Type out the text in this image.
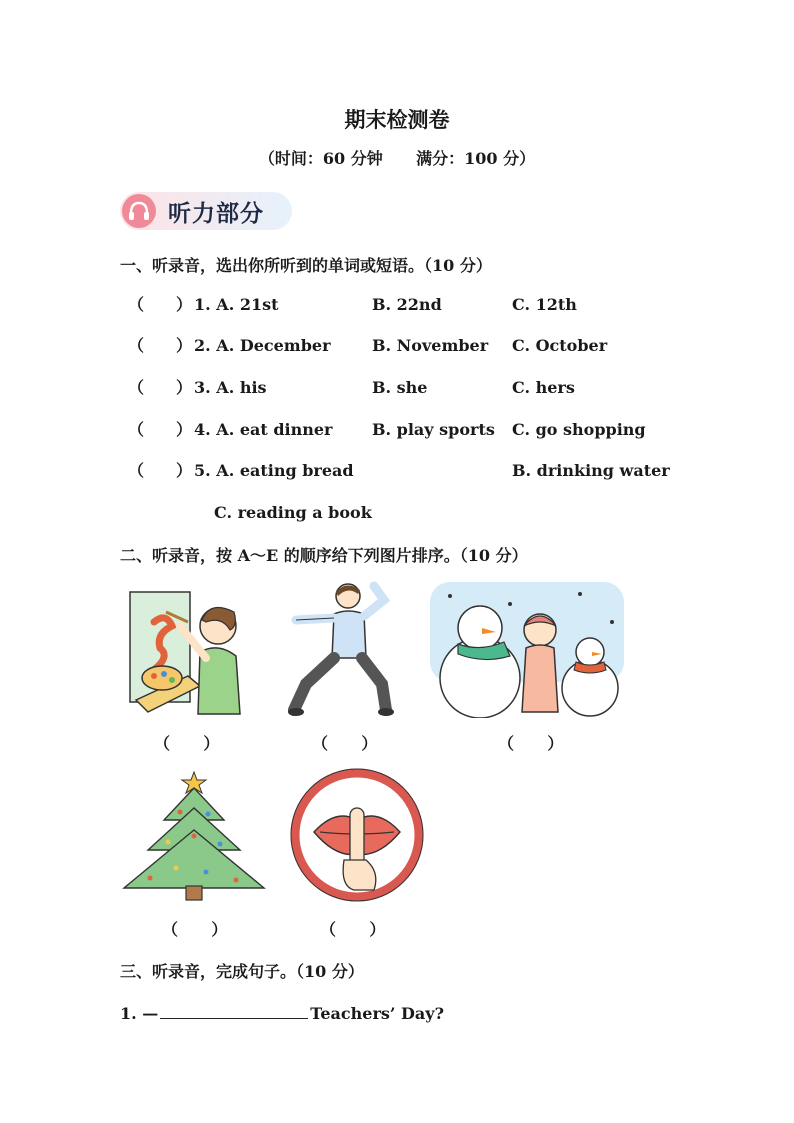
期末检测卷
（时间：60 分钟      满分：100 分）
听力部分
一、听录音，选出你所听到的单词或短语。（10 分）
（ ） 1. A. 21st	B. 22nd	C. 12th
（ ） 2. A. December	B. November C. October
（ ） 3. A. his	B. she	C. hers
（ ） 4. A. eat dinner B. play sports C. go shopping
（ ） 5. A. eating bread	B. drinking water
C. reading a book
二、听录音，按 A～E 的顺序给下列图片排序。（10 分）
（      ）	（      ）	（      ）
（      ）	（      ）
三、听录音，完成句子。（10 分）
1. —	Teachers’ Day?
